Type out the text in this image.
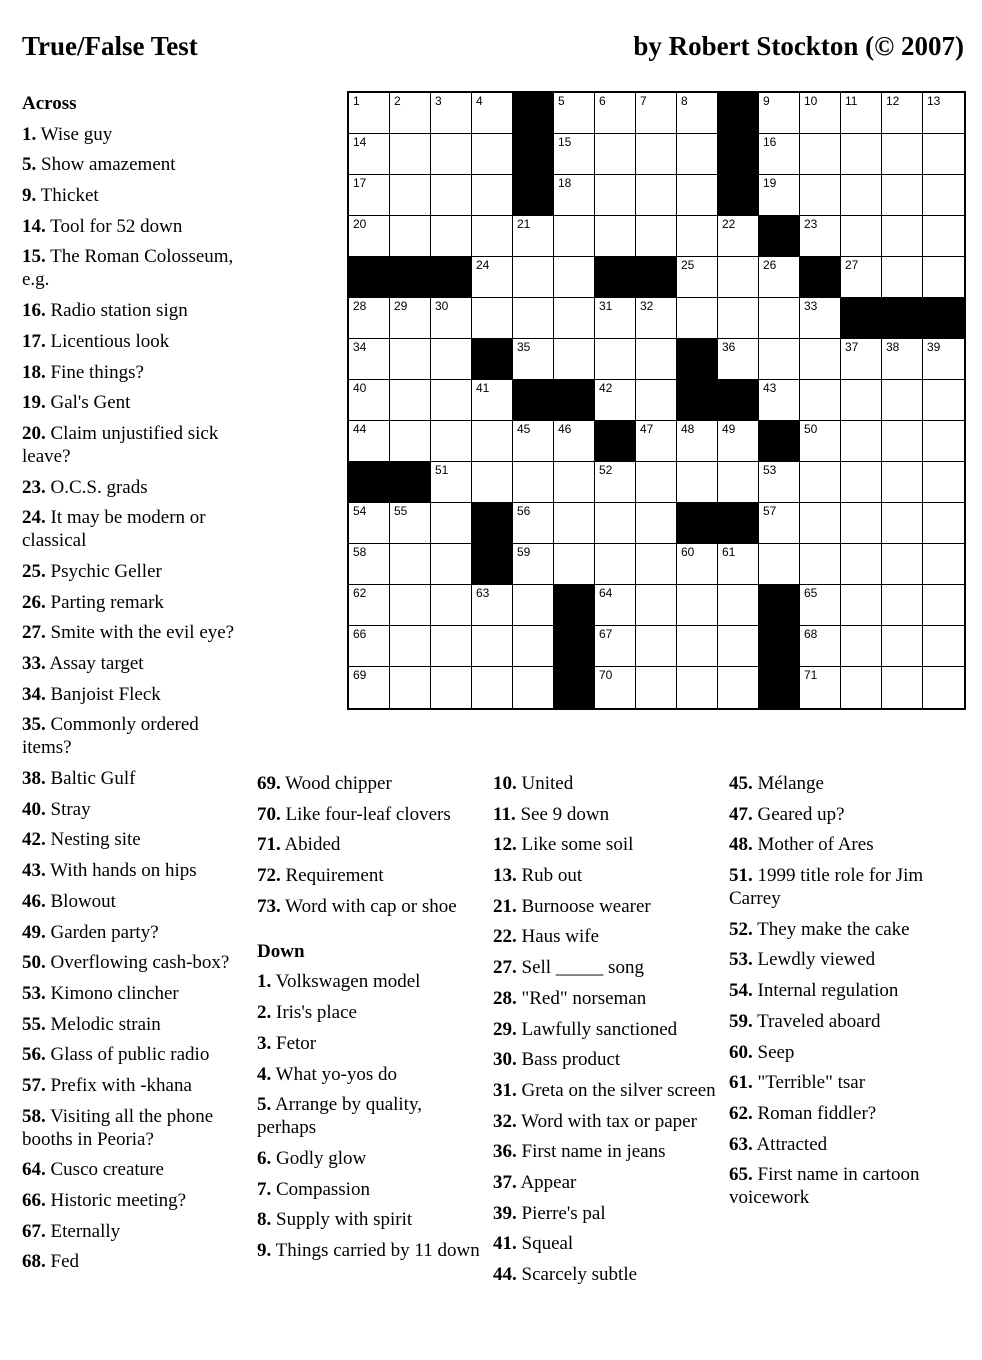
True/False Test	by Robert Stockton (© 2007)
1	2	3	4	5	6	7	8	9	10 11 12 13
14	15	16
17	18	19
20	21	22	23
24	25	26	27
28 29 30	31 32	33
34	35	36	37 38 39
40	41	42	43
44	45 46	47 48 49	50
51	52	53
54 55	56	57
58	59	60 61
62	63	64	65
66	67	68
69	70	71
Across
1. Wise guy
5. Show amazement
9. Thicket
14. Tool for 52 down
15. The Roman Colosseum, e.g.
16. Radio station sign
17. Licentious look
18. Fine things?
19. Gal's Gent
20. Claim unjustified sick leave?
23. O.C.S. grads
24. It may be modern or classical
25. Psychic Geller
26. Parting remark
27. Smite with the evil eye?
33. Assay target
34. Banjoist Fleck
35. Commonly ordered items?
38. Baltic Gulf
40. Stray
42. Nesting site
43. With hands on hips
46. Blowout
49. Garden party?
50. Overflowing cash-box?
53. Kimono clincher
55. Melodic strain
56. Glass of public radio
57. Prefix with -khana
58. Visiting all the phone booths in Peoria?
64. Cusco creature
66. Historic meeting?
67. Eternally
68. Fed
69. Wood chipper
70. Like four-leaf clovers
71. Abided
72. Requirement
73. Word with cap or shoe
Down
1. Volkswagen model
2. Iris's place
3. Fetor
4. What yo-yos do
5. Arrange by quality, perhaps
6. Godly glow
7. Compassion
8. Supply with spirit
9. Things carried by 11 down
10. United
11. See 9 down
12. Like some soil
13. Rub out
21. Burnoose wearer
22. Haus wife
27. Sell _____ song
28. "Red" norseman
29. Lawfully sanctioned
30. Bass product
31. Greta on the silver screen
32. Word with tax or paper
36. First name in jeans
37. Appear
39. Pierre's pal
41. Squeal
44. Scarcely subtle
45. Mélange
47. Geared up?
48. Mother of Ares
51. 1999 title role for Jim Carrey
52. They make the cake
53. Lewdly viewed
54. Internal regulation
59. Traveled aboard
60. Seep
61. "Terrible" tsar
62. Roman fiddler?
63. Attracted
65. First name in cartoon voicework
